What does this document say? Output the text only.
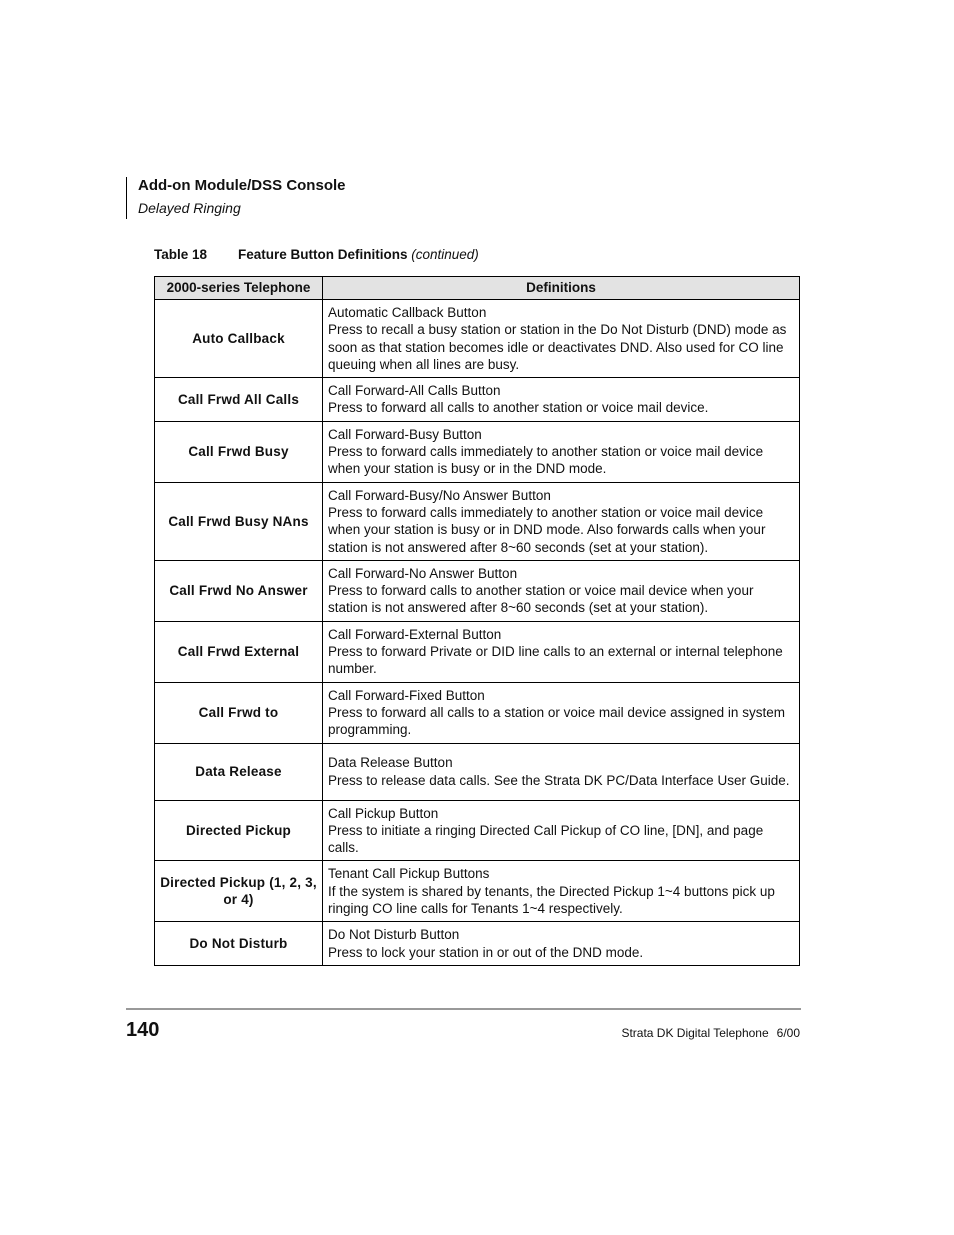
Add-on Module/DSS Console
Delayed Ringing
Table 18 Feature Button Definitions (continued)
2000-series Telephone	Definitions
Auto Callback	Automatic Callback Button
Press to recall a busy station or station in the Do Not Disturb (DND) mode as soon as that station becomes idle or deactivates DND. Also used for CO line queuing when all lines are busy.

Call Frwd All Calls	Call Forward-All Calls Button
Press to forward all calls to another station or voice mail device.

Call Frwd Busy	Call Forward-Busy Button
Press to forward calls immediately to another station or voice mail device when your station is busy or in the DND mode.

Call Frwd Busy NAns	Call Forward-Busy/No Answer Button
Press to forward calls immediately to another station or voice mail device when your station is busy or in DND mode. Also forwards calls when your station is not answered after 8~60 seconds (set at your station).

Call Frwd No Answer	Call Forward-No Answer Button
Press to forward calls to another station or voice mail device when your station is not answered after 8~60 seconds (set at your station).

Call Frwd External	Call Forward-External Button
Press to forward Private or DID line calls to an external or internal telephone number.

Call Frwd to	Call Forward-Fixed Button
Press to forward all calls to a station or voice mail device assigned in system programming.

Data Release	Data Release Button
Press to release data calls. See the Strata DK PC/Data Interface User Guide.

Directed Pickup	Call Pickup Button
Press to initiate a ringing Directed Call Pickup of CO line, [DN], and page calls.

Directed Pickup (1, 2, 3, or 4)	Tenant Call Pickup Buttons
If the system is shared by tenants, the Directed Pickup 1~4 buttons pick up ringing CO line calls for Tenants 1~4 respectively.

Do Not Disturb	Do Not Disturb Button
Press to lock your station in or out of the DND mode.
140	Strata DK Digital Telephone 6/00
